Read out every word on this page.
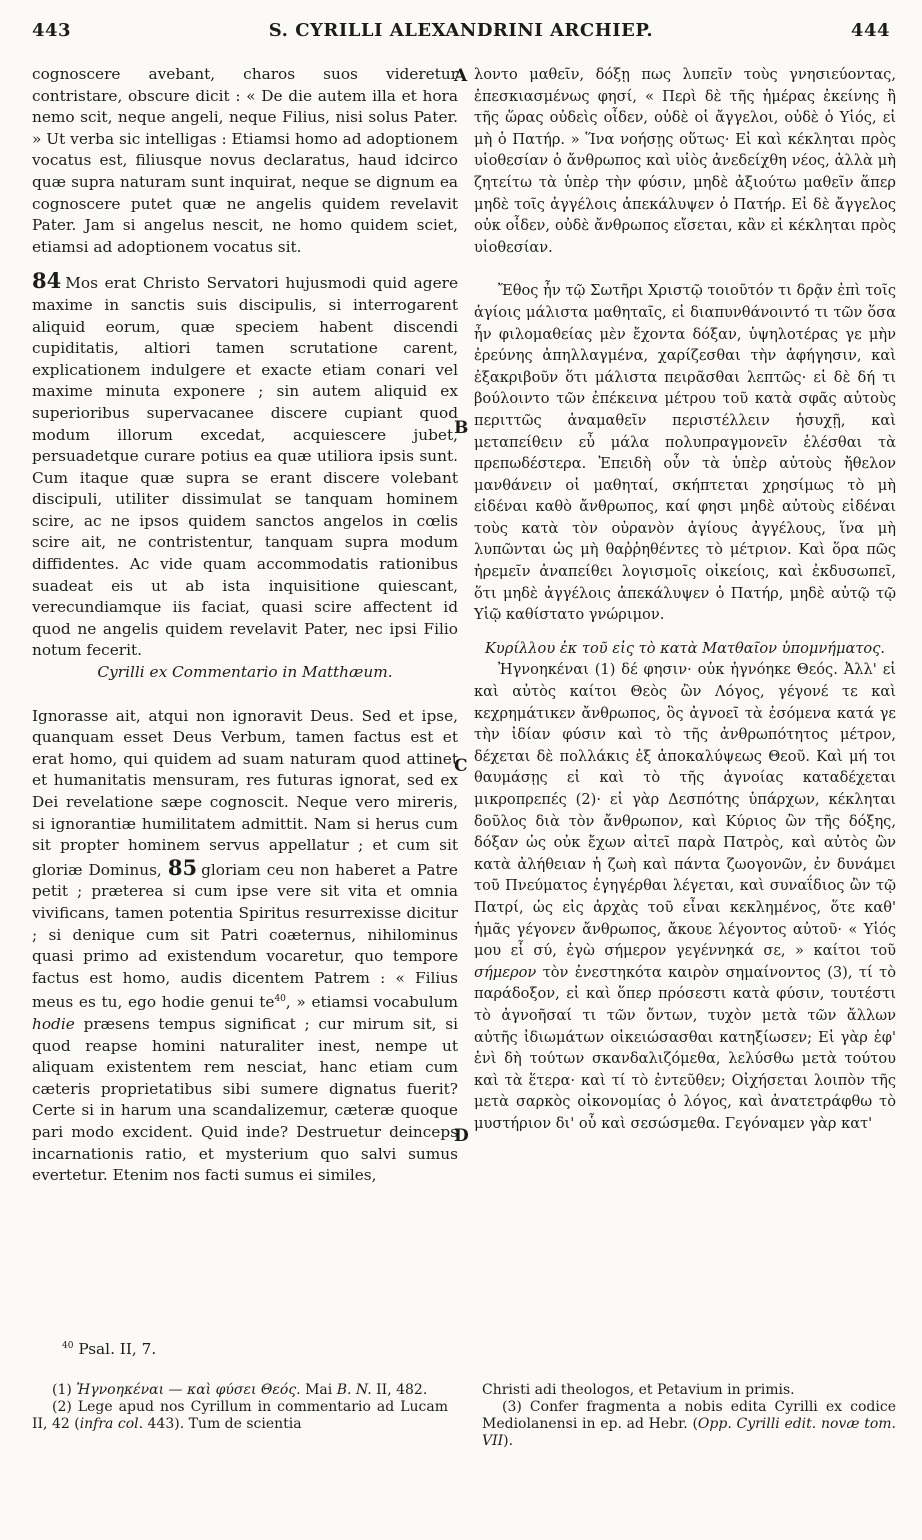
443	S. CYRILLI ALEXANDRINI ARCHIEP.	444
A
B
C
D

cognoscere avebant, charos suos videretur contristare, obscure dicit : « De die autem illa et hora nemo scit, neque angeli, neque Filius, nisi solus Pater. » Ut verba sic intelligas : Etiamsi homo ad adoptionem vocatus est, filiusque novus declaratus, haud idcirco quæ supra naturam sunt inquirat, neque se dignum ea cognoscere putet quæ ne angelis quidem revelavit Pater. Jam si angelus nescit, ne homo quidem sciet, etiamsi ad adoptionem vocatus sit.

84 Mos erat Christo Servatori hujusmodi quid agere maxime in sanctis suis discipulis, si interrogarent aliquid eorum, quæ speciem habent discendi cupiditatis, altiori tamen scrutatione carent, explicationem indulgere et exacte etiam conari vel maxime minuta exponere ; sin autem aliquid ex superioribus supervacanee discere cupiant quod modum illorum excedat, acquiescere jubet, persuadetque curare potius ea quæ utiliora ipsis sunt. Cum itaque quæ supra se erant discere volebant discipuli, utiliter dissimulat se tanquam hominem scire, ac ne ipsos quidem sanctos angelos in cœlis scire ait, ne contristentur, tanquam supra modum diffidentes. Ac vide quam accommodatis rationibus suadeat eis ut ab ista inquisitione quiescant, verecundiamque iis faciat, quasi scire affectent id quod ne angelis quidem revelavit Pater, nec ipsi Filio notum fecerit.

Cyrilli ex Commentario in Matthæum.

Ignorasse ait, atqui non ignoravit Deus. Sed et ipse, quanquam esset Deus Verbum, tamen factus est et erat homo, qui quidem ad suam naturam quod attinet et humanitatis mensuram, res futuras ignorat, sed ex Dei revelatione sæpe cognoscit. Neque vero mireris, si ignorantiæ humilitatem admittit. Nam si herus cum sit propter hominem servus appellatur ; et cum sit gloriæ Dominus, 85 gloriam ceu non haberet a Patre petit ; præterea si cum ipse vere sit vita et omnia vivificans, tamen potentia Spiritus resurrexisse dicitur ; si denique cum sit Patri coæternus, nihilominus quasi primo ad existendum vocaretur, quo tempore factus est homo, audis dicentem Patrem : « Filius meus es tu, ego hodie genui $te^{40}$, » etiamsi vocabulum hodie præsens tempus significat ; cur mirum sit, si quod reapse homini naturaliter inest, nempe ut aliquam existentem rem nesciat, hanc etiam cum cæteris proprietatibus sibi sumere dignatus fuerit? Certe si in harum una scandalizemur, cæteræ quoque pari modo excident. Quid inde? Destruetur deinceps incarnationis ratio, et mysterium quo salvi sumus evertetur. Etenim nos facti sumus ei similes,

λοντο μαθεῖν, δόξῃ πως λυπεῖν τοὺς γνησιεύοντας, ἐπεσκιασμένως φησί, « Περὶ δὲ τῆς ἡμέρας ἐκείνης ἢ τῆς ὥρας οὐδεὶς οἶδεν, οὐδὲ οἱ ἄγγελοι, οὐδὲ ὁ Υἱός, εἰ μὴ ὁ Πατήρ. » Ἵνα νοήσῃς οὕτως· Εἰ καὶ κέκληται πρὸς υἱοθεσίαν ὁ ἄνθρωπος καὶ υἱὸς ἀνεδείχθη νέος, ἀλλὰ μὴ ζητείτω τὰ ὑπὲρ τὴν φύσιν, μηδὲ ἀξιούτω μαθεῖν ἅπερ μηδὲ τοῖς ἀγγέλοις ἀπεκάλυψεν ὁ Πατήρ. Εἰ δὲ ἄγγελος οὐκ οἶδεν, οὐδὲ ἄνθρωπος εἴσεται, κἂν εἰ κέκληται πρὸς υἱοθεσίαν.

Ἔθος ἦν τῷ Σωτῆρι Χριστῷ τοιοῦτόν τι δρᾷν ἐπὶ τοῖς ἁγίοις μάλιστα μαθηταῖς, εἰ διαπυνθάνοιντό τι τῶν ὅσα ἦν φιλομαθείας μὲν ἔχοντα δόξαν, ὑψηλοτέρας γε μὴν ἐρεύνης ἀπηλλαγμένα, χαρίζεσθαι τὴν ἀφήγησιν, καὶ ἐξακριβοῦν ὅτι μάλιστα πειρᾶσθαι λεπτῶς· εἰ δὲ δή τι βούλοιντο τῶν ἐπέκεινα μέτρου τοῦ κατὰ σφᾶς αὐτοὺς περιττῶς ἀναμαθεῖν περιστέλλειν ἡσυχῇ, καὶ μεταπείθειν εὖ μάλα πολυπραγμονεῖν ἑλέσθαι τὰ πρεπωδέστερα. Ἐπειδὴ οὖν τὰ ὑπὲρ αὐτοὺς ἤθελον μανθάνειν οἱ μαθηταί, σκήπτεται χρησίμως τὸ μὴ εἰδέναι καθὸ ἄνθρωπος, καί φησι μηδὲ αὐτοὺς εἰδέναι τοὺς κατὰ τὸν οὐρανὸν ἁγίους ἀγγέλους, ἵνα μὴ λυπῶνται ὡς μὴ θαῤῥηθέντες τὸ μέτριον. Καὶ ὅρα πῶς ἠρεμεῖν ἀναπείθει λογισμοῖς οἰκείοις, καὶ ἐκδυσωπεῖ, ὅτι μηδὲ ἀγγέλοις ἀπεκάλυψεν ὁ Πατήρ, μηδὲ αὐτῷ τῷ Υἱῷ καθίστατο γνώριμον.

Κυρίλλου ἐκ τοῦ εἰς τὸ κατὰ Ματθαῖον ὑπομνήματος.

Ἠγνοηκέναι (1) δέ φησιν· οὐκ ἠγνόηκε Θεός. Ἀλλ' εἰ καὶ αὐτὸς καίτοι Θεὸς ὢν Λόγος, γέγονέ τε καὶ κεχρημάτικεν ἄνθρωπος, ὃς ἀγνοεῖ τὰ ἐσόμενα κατά γε τὴν ἰδίαν φύσιν καὶ τὸ τῆς ἀνθρωπότητος μέτρον, δέχεται δὲ πολλάκις ἐξ ἀποκαλύψεως Θεοῦ. Καὶ μή τοι θαυμάσῃς εἰ καὶ τὸ τῆς ἀγνοίας καταδέχεται μικροπρεπές (2)· εἰ γὰρ Δεσπότης ὑπάρχων, κέκληται δοῦλος διὰ τὸν ἄνθρωπον, καὶ Κύριος ὢν τῆς δόξης, δόξαν ὡς οὐκ ἔχων αἰτεῖ παρὰ Πατρὸς, καὶ αὐτὸς ὢν κατὰ ἀλήθειαν ἡ ζωὴ καὶ πάντα ζωογονῶν, ἐν δυνάμει τοῦ Πνεύματος ἐγηγέρθαι λέγεται, καὶ συναΐδιος ὢν τῷ Πατρί, ὡς εἰς ἀρχὰς τοῦ εἶναι κεκλημένος, ὅτε καθ' ἡμᾶς γέγονεν ἄνθρωπος, ἄκουε λέγοντος αὐτοῦ· « Υἱός μου εἶ σύ, ἐγὼ σήμερον γεγέννηκά σε, » καίτοι τοῦ σήμερον τὸν ἐνεστηκότα καιρὸν σημαίνοντος (3), τί τὸ παράδοξον, εἰ καὶ ὅπερ πρόσεστι κατὰ φύσιν, τουτέστι τὸ ἀγνοῆσαί τι τῶν ὄντων, τυχὸν μετὰ τῶν ἄλλων αὐτῆς ἰδιωμάτων οἰκειώσασθαι κατηξίωσεν; Εἰ γὰρ ἐφ' ἑνὶ δὴ τούτων σκανδαλιζόμεθα, λελύσθω μετὰ τούτου καὶ τὰ ἕτερα· καὶ τί τὸ ἐντεῦθεν; Οἰχήσεται λοιπὸν τῆς μετὰ σαρκὸς οἰκονομίας ὁ λόγος, καὶ ἀνατετράφθω τὸ μυστήριον δι' οὗ καὶ σεσώσμεθα. Γεγόναμεν γὰρ κατ'

$^{40}$ Psal. II, 7.

(1) Ἠγνοηκέναι — καὶ φύσει Θεός. Mai B. N. II, 482.

(2) Lege apud nos Cyrillum in commentario ad Lucam II, 42 (infra col. 443). Tum de scientia

Christi adi theologos, et Petavium in primis.

(3) Confer fragmenta a nobis edita Cyrilli ex codice Mediolanensi in ep. ad Hebr. (Opp. Cyrilli edit. novæ tom. VII).
